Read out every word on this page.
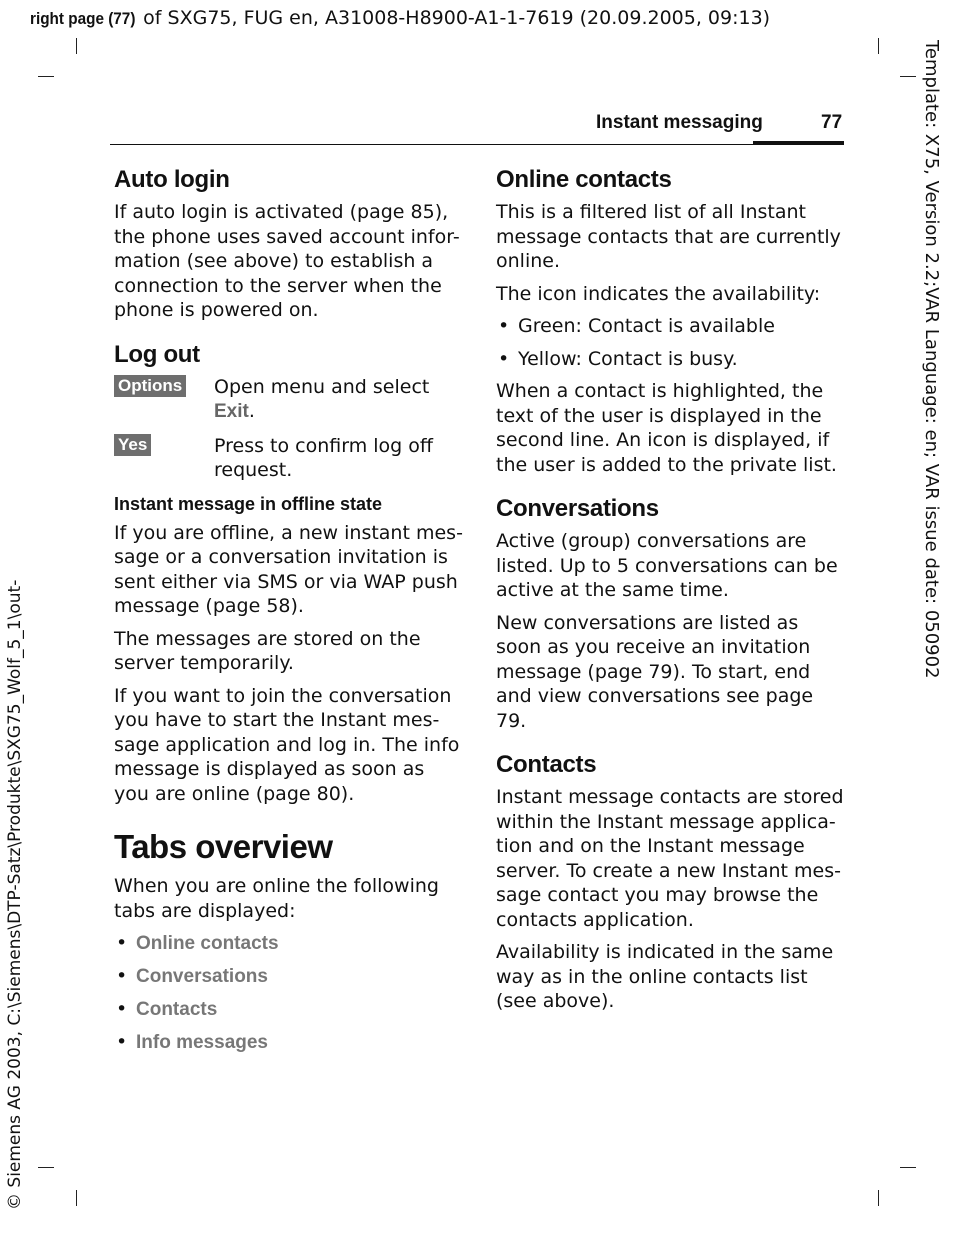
right page (77) of SXG75, FUG en, A31008-H8900-A1-1-7619 (20.09.2005, 09:13)
Template: X75, Version 2.2;VAR Language: en; VAR issue date: 050902
© Siemens AG 2003, C:\Siemens\DTP-Satz\Produkte\SXG75_Wolf_5_1\out-
Instant messaging	77
Auto login

If auto login is activated (page 85), the phone uses saved account infor-mation (see above) to establish a connection to the server when the phone is powered on.

Log out
Options	Open menu and select Exit.
Yes	Press to confirm log off request.
Instant message in offline state

If you are offline, a new instant mes-sage or a conversation invitation is sent either via SMS or via WAP push message (page 58).

The messages are stored on the server temporarily.

If you want to join the conversation you have to start the Instant mes-sage application and log in. The info message is displayed as soon as you are online (page 80).

Tabs overview

When you are online the following tabs are displayed:

• Online contacts
• Conversations
• Contacts
• Info messages
Online contacts

This is a filtered list of all Instant message contacts that are currently online.

The icon indicates the availability:

• Green: Contact is available
• Yellow: Contact is busy.

When a contact is highlighted, the text of the user is displayed in the second line. An icon is displayed, if the user is added to the private list.

Conversations

Active (group) conversations are listed. Up to 5 conversations can be active at the same time.

New conversations are listed as soon as you receive an invitation message (page 79). To start, end and view conversations see page 79.

Contacts

Instant message contacts are stored within the Instant message applica-tion and on the Instant message server. To create a new Instant mes-sage contact you may browse the contacts application.

Availability is indicated in the same way as in the online contacts list (see above).
